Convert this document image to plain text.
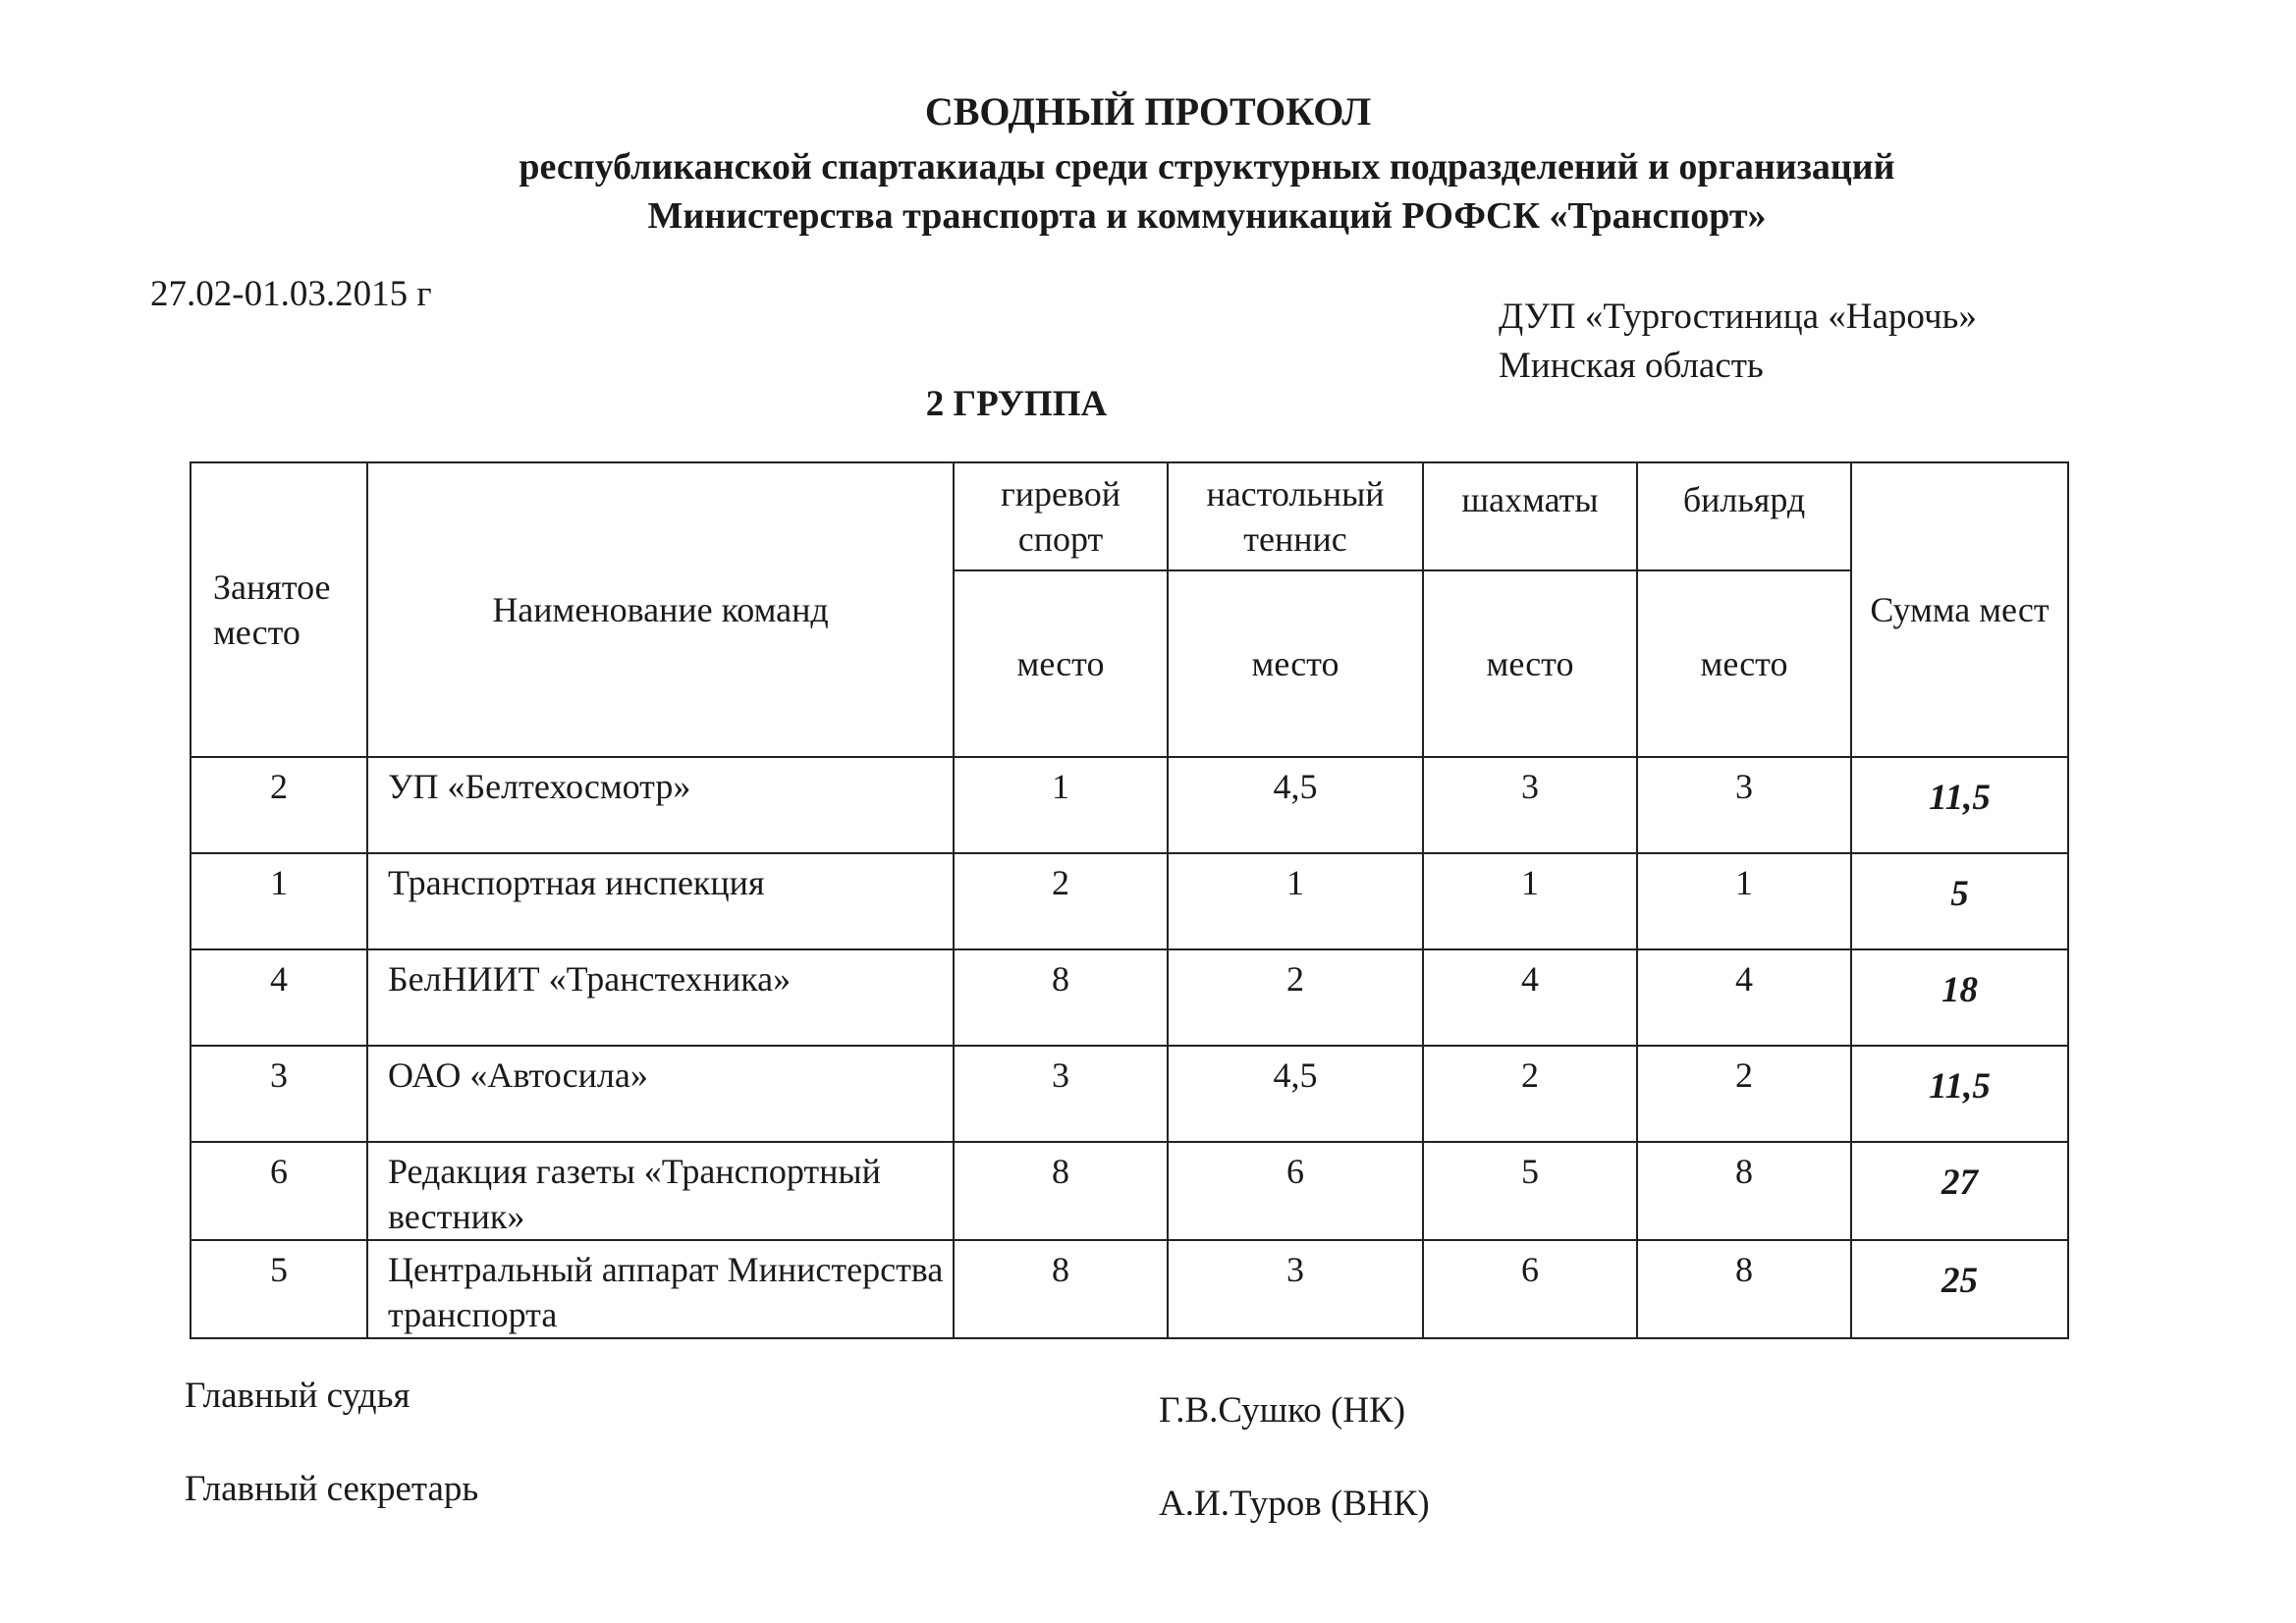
СВОДНЫЙ ПРОТОКОЛ
республиканской спартакиады среди структурных подразделений и организаций
Министерства транспорта и коммуникаций РОФСК «Транспорт»
27.02-01.03.2015 г
ДУП «Тургостиница «Нарочь»
Минская область
2 ГРУППА
Занятое место	Наименование команд	гиревой спорт	настольный теннис	шахматы	бильярд	Сумма мест
		место	место	место	место	
2	УП «Белтехосмотр»	1	4,5	3	3	11,5
1	Транспортная инспекция	2	1	1	1	5
4	БелНИИТ «Транстехника»	8	2	4	4	18
3	ОАО «Автосила»	3	4,5	2	2	11,5
6	Редакция газеты «Транспортный вестник»	8	6	5	8	27
5	Центральный аппарат Министерства транспорта	8	3	6	8	25
Главный судья	Г.В.Сушко (НК)
Главный секретарь	А.И.Туров (ВНК)
